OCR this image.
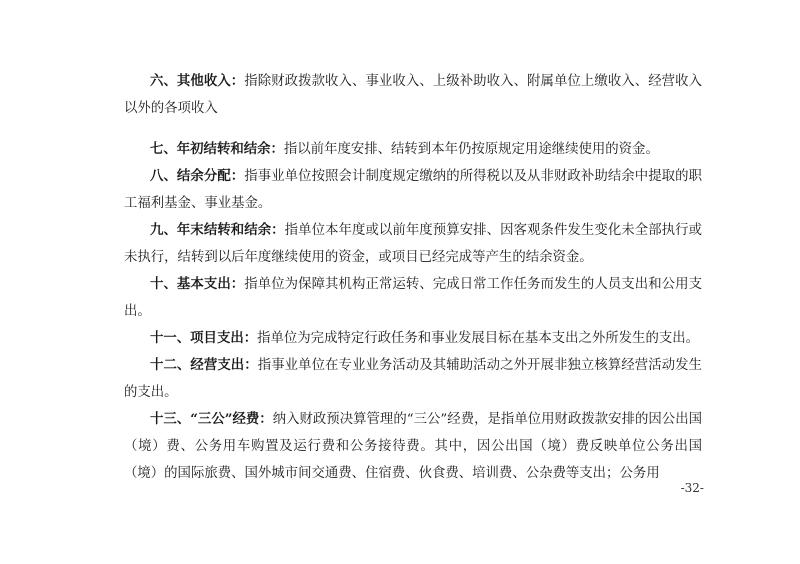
六、其他收入：指除财政拨款收入、事业收入、上级补助收入、附属单位上缴收入、经营收入以外的各项收入

七、年初结转和结余：指以前年度安排、结转到本年仍按原规定用途继续使用的资金。

八、结余分配：指事业单位按照会计制度规定缴纳的所得税以及从非财政补助结余中提取的职工福利基金、事业基金。

九、年末结转和结余：指单位本年度或以前年度预算安排、因客观条件发生变化未全部执行或未执行，结转到以后年度继续使用的资金，或项目已经完成等产生的结余资金。

十、基本支出：指单位为保障其机构正常运转、完成日常工作任务而发生的人员支出和公用支出。

十一、项目支出：指单位为完成特定行政任务和事业发展目标在基本支出之外所发生的支出。

十二、经营支出：指事业单位在专业业务活动及其辅助活动之外开展非独立核算经营活动发生的支出。

十三、“三公”经费：纳入财政预决算管理的“三公”经费，是指单位用财政拨款安排的因公出国（境）费、公务用车购置及运行费和公务接待费。其中，因公出国（境）费反映单位公务出国（境）的国际旅费、国外城市间交通费、住宿费、伙食费、培训费、公杂费等支出；公务用

-32-
